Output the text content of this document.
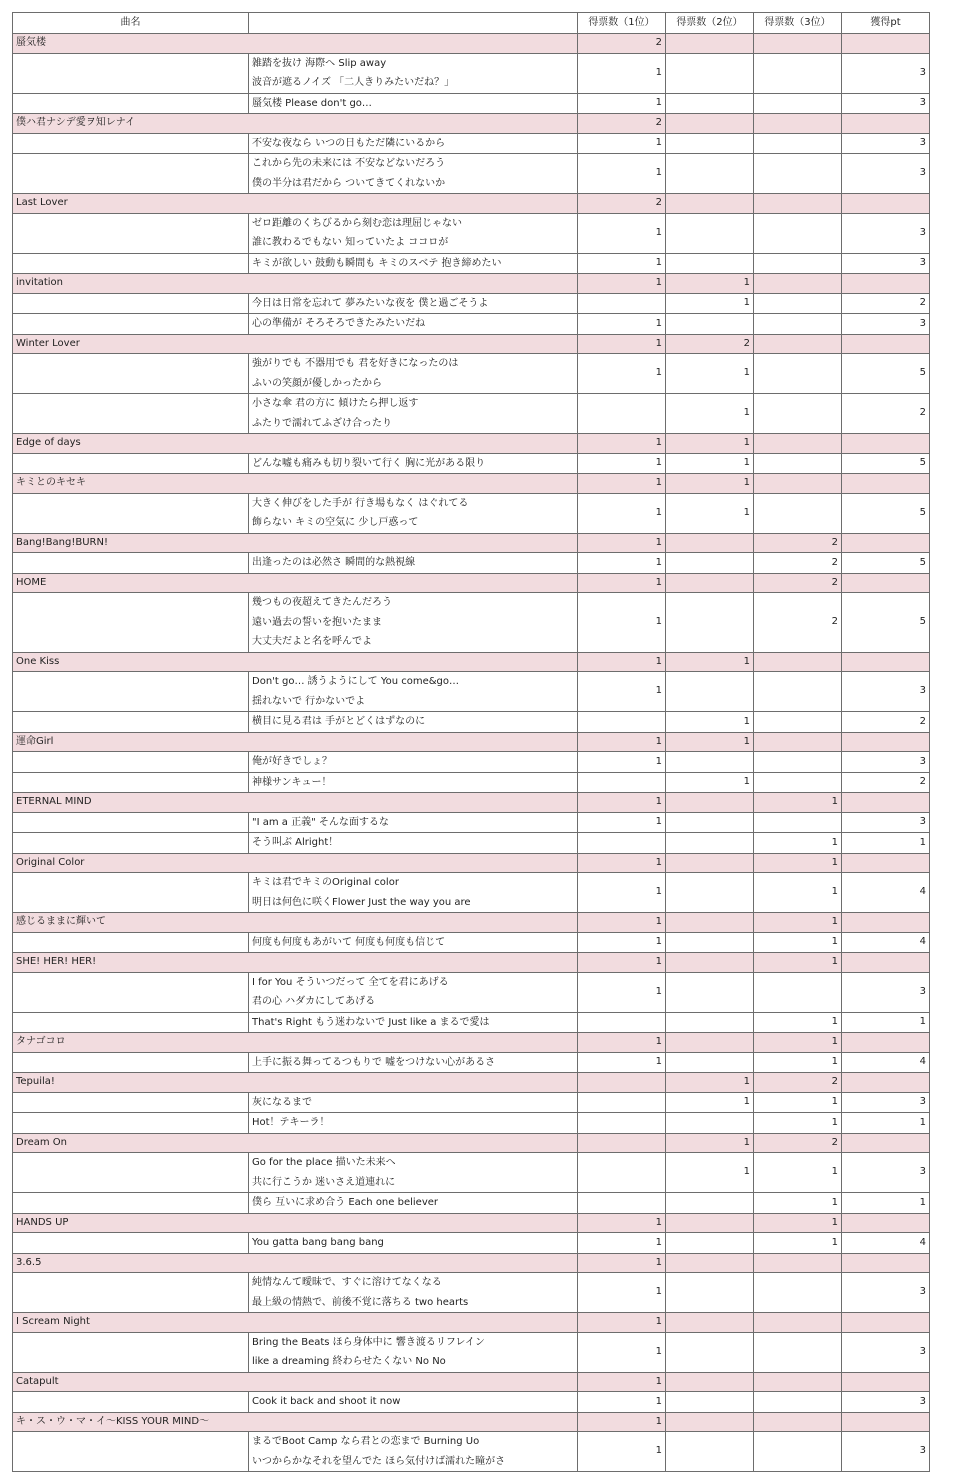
曲名		得票数（1位）	得票数（2位）	得票数（3位）	獲得pt
蜃気楼		2			

	雑踏を抜け 海際へ Slip away
波音が遮るノイズ 「二人きりみたいだね？」	1			3

	蜃気楼 Please don't go…	1			3
僕ハ君ナシデ愛ヲ知レナイ		2			

	不安な夜なら いつの日もただ隣にいるから	1			3

	これから先の未来には 不安などないだろう
僕の半分は君だから ついてきてくれないか	1			3
Last Lover		2			

	ゼロ距離のくちびるから刻む恋は理屈じゃない
誰に教わるでもない 知っていたよ ココロが	1			3

	キミが欲しい 鼓動も瞬間も キミのスベテ 抱き締めたい	1			3
invitation		1	1		

	今日は日常を忘れて 夢みたいな夜を 僕と過ごそうよ		1		2

	心の準備が そろそろできたみたいだね	1			3
Winter Lover		1	2		

	強がりでも 不器用でも 君を好きになったのは
ふいの笑顔が優しかったから	1	1		5

	小さな傘 君の方に 傾けたら押し返す
ふたりで濡れてふざけ合ったり		1		2
Edge of days		1	1		

	どんな嘘も痛みも切り裂いて行く 胸に光がある限り	1	1		5
キミとのキセキ		1	1		

	大きく伸びをした手が 行き場もなく はぐれてる
飾らない キミの空気に 少し戸惑って	1	1		5
Bang!Bang!BURN!		1		2	

	出逢ったのは必然さ 瞬間的な熱視線	1		2	5
HOME		1		2	

	幾つもの夜超えてきたんだろう
遠い過去の誓いを抱いたまま
大丈夫だよと名を呼んでよ	1		2	5
One Kiss		1	1		

	Don't go… 誘うようにして You come&go…
揺れないで 行かないでよ	1			3

	横目に見る君は 手がとどくはずなのに		1		2
運命Girl		1	1		

	俺が好きでしょ？	1			3

	神様サンキュー！		1		2
ETERNAL MIND		1		1	

	"I am a 正義" そんな面するな	1			3

	そう叫ぶ Alright！			1	1
Original Color		1		1	

	キミは君でキミのOriginal color
明日は何色に咲くFlower Just the way you are	1		1	4
感じるままに輝いて		1		1	

	何度も何度もあがいて 何度も何度も信じて	1		1	4
SHE! HER! HER!		1		1	

	I for You そういつだって 全てを君にあげる
君の心 ハダカにしてあげる	1			3

	That's Right もう迷わないで Just like a まるで愛は			1	1
タナゴコロ		1		1	

	上手に振る舞ってるつもりで 嘘をつけない心があるさ	1		1	4
Tepuila!			1	2	

	灰になるまで		1	1	3

	Hot！テキーラ！			1	1
Dream On			1	2	

	Go for the place 描いた未来へ
共に行こうか 迷いさえ道連れに		1	1	3

	僕ら 互いに求め合う Each one believer			1	1
HANDS UP		1		1	

	You gatta bang bang bang	1		1	4
3.6.5		1			

	純情なんて曖昧で、すぐに溶けてなくなる
最上級の情熱で、前後不覚に落ちる two hearts	1			3
I Scream Night		1			

	Bring the Beats ほら身体中に 響き渡るリフレイン
like a dreaming 終わらせたくない No No	1			3
Catapult		1			

	Cook it back and shoot it now	1			3
キ・ス・ウ・マ・イ〜KISS YOUR MIND〜		1			

	まるでBoot Camp なら君との恋まで Burning Uo
いつからかなそれを望んでた ほら気付けば濡れた瞳がさ	1			3
